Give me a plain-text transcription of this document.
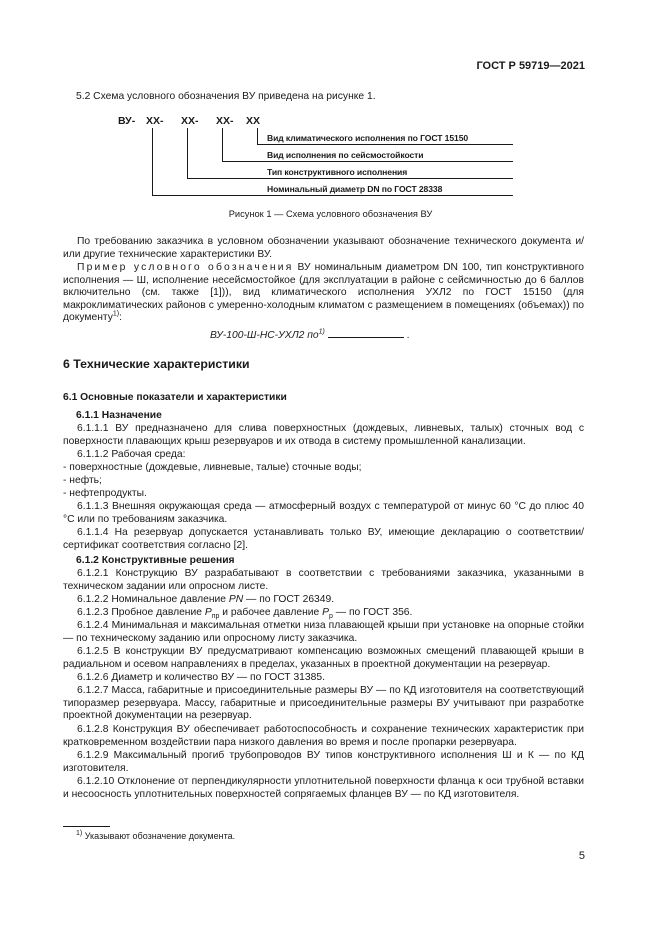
ГОСТ Р 59719—2021

5.2 Схема условного обозначения ВУ приведена на рисунке 1.

ВУ- XX- XX- XX- XX
Вид климатического исполнения по ГОСТ 15150
Вид исполнения по сейсмостойкости
Тип конструктивного исполнения
Номинальный диаметр DN по ГОСТ 28338
Рисунок 1 — Схема условного обозначения ВУ

По требованию заказчика в условном обозначении указывают обозначение технического документа и/или другие технические характеристики ВУ.

Пример условного обозначения ВУ номинальным диаметром DN 100, тип конструктивного исполнения — Ш, исполнение несейсмостойкое (для эксплуатации в районе с сейсмичностью до 6 баллов включительно (см. также [1])), вид климатического исполнения УХЛ2 по ГОСТ 15150 (для макроклиматических районов с умеренно-холодным климатом с размещением в помещениях (объемах)) по документу$^{1)}$:

ВУ-100-Ш-НС-УХЛ2 $по^{1)}$	.
6 Технические характеристики
6.1 Основные показатели и характеристики
6.1.1 Назначение

6.1.1.1 ВУ предназначено для слива поверхностных (дождевых, ливневых, талых) сточных вод с поверхности плавающих крыш резервуаров и их отвода в систему промышленной канализации.

6.1.1.2 Рабочая среда:

- поверхностные (дождевые, ливневые, талые) сточные воды;
- нефть;
- нефтепродукты.

6.1.1.3 Внешняя окружающая среда — атмосферный воздух с температурой от минус 60 °С до плюс 40 °С или по требованиям заказчика.

6.1.1.4 На резервуар допускается устанавливать только ВУ, имеющие декларацию о соответствии/сертификат соответствия согласно [2].

6.1.2 Конструктивные решения

6.1.2.1 Конструкцию ВУ разрабатывают в соответствии с требованиями заказчика, указанными в техническом задании или опросном листе.

6.1.2.2 Номинальное давление PN — по ГОСТ 26349.

6.1.2.3 Пробное давление $P_{пр}$ и рабочее давление $P_р$ — по ГОСТ 356.

6.1.2.4 Минимальная и максимальная отметки низа плавающей крыши при установке на опорные стойки — по техническому заданию или опросному листу заказчика.

6.1.2.5 В конструкции ВУ предусматривают компенсацию возможных смещений плавающей крыши в радиальном и осевом направлениях в пределах, указанных в проектной документации на резервуар.

6.1.2.6 Диаметр и количество ВУ — по ГОСТ 31385.

6.1.2.7 Масса, габаритные и присоединительные размеры ВУ — по КД изготовителя на соответствующий типоразмер резервуара. Массу, габаритные и присоединительные размеры ВУ учитывают при разработке проектной документации на резервуар.

6.1.2.8 Конструкция ВУ обеспечивает работоспособность и сохранение технических характеристик при кратковременном воздействии пара низкого давления во время и после пропарки резервуара.

6.1.2.9 Максимальный прогиб трубопроводов ВУ типов конструктивного исполнения Ш и К — по КД изготовителя.

6.1.2.10 Отклонение от перпендикулярности уплотнительной поверхности фланца к оси трубной вставки и несоосность уплотнительных поверхностей сопрягаемых фланцев ВУ — по КД изготовителя.

$^{1)}$ Указывают обозначение документа.
5
